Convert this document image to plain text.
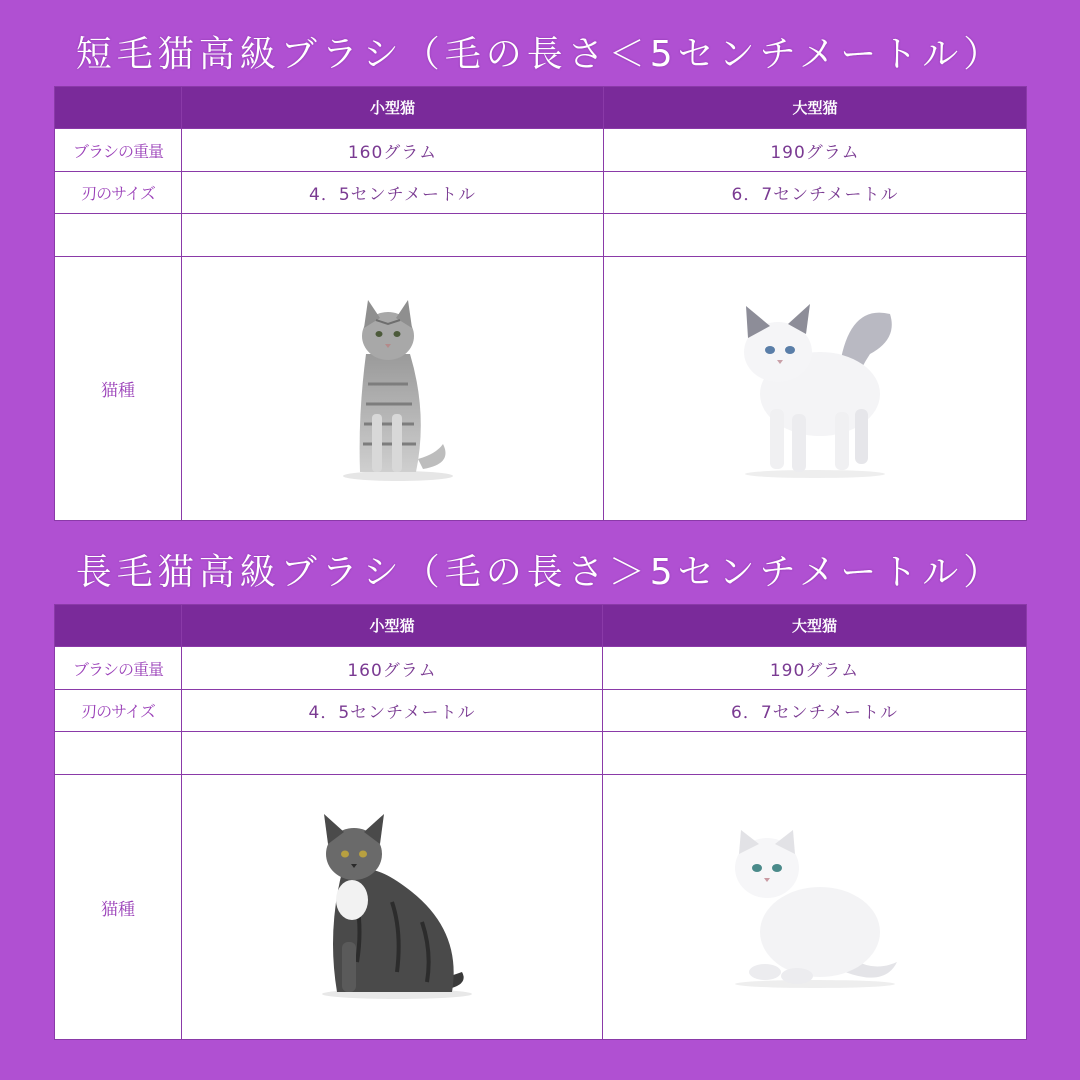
短毛猫高級ブラシ（毛の長さ＜5センチメートル）
	小型猫	大型猫
ブラシの重量	160グラム	190グラム
刃のサイズ	4．5センチメートル	6．7センチメートル

猫種	

長毛猫高級ブラシ（毛の長さ＞5センチメートル）
	小型猫	大型猫
ブラシの重量	160グラム	190グラム
刃のサイズ	4．5センチメートル	6．7センチメートル

猫種	
